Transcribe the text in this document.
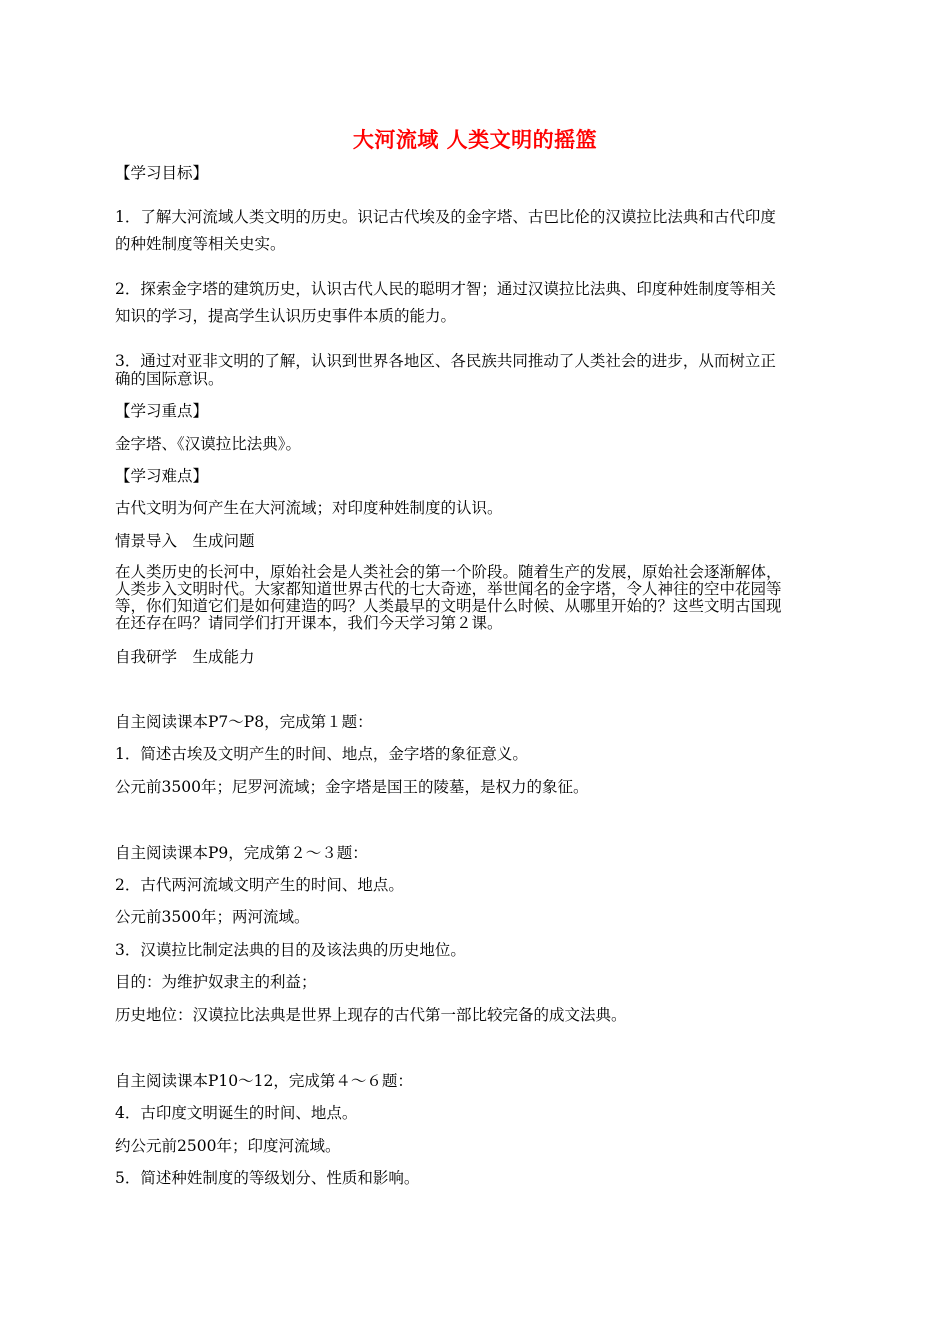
大河流域 人类文明的摇篮
【学习目标】
1．了解大河流域人类文明的历史。识记古代埃及的金字塔、古巴比伦的汉谟拉比法典和古代印度
的种姓制度等相关史实。
2．探索金字塔的建筑历史，认识古代人民的聪明才智；通过汉谟拉比法典、印度种姓制度等相关
知识的学习，提高学生认识历史事件本质的能力。
3．通过对亚非文明的了解，认识到世界各地区、各民族共同推动了人类社会的进步，从而树立正
确的国际意识。
【学习重点】
金字塔、《汉谟拉比法典》。
【学习难点】
古代文明为何产生在大河流域；对印度种姓制度的认识。
情景导入　生成问题
在人类历史的长河中，原始社会是人类社会的第一个阶段。随着生产的发展，原始社会逐渐解体，
人类步入文明时代。大家都知道世界古代的七大奇迹，举世闻名的金字塔，令人神往的空中花园等
等，你们知道它们是如何建造的吗？人类最早的文明是什么时候、从哪里开始的？这些文明古国现
在还存在吗？请同学们打开课本，我们今天学习第２课。
自我研学　生成能力
自主阅读课本P7～P8，完成第１题：
1．简述古埃及文明产生的时间、地点，金字塔的象征意义。
公元前3500年；尼罗河流域；金字塔是国王的陵墓，是权力的象征。
自主阅读课本P9，完成第２～３题：
2．古代两河流域文明产生的时间、地点。
公元前3500年；两河流域。
3．汉谟拉比制定法典的目的及该法典的历史地位。
目的：为维护奴隶主的利益；
历史地位：汉谟拉比法典是世界上现存的古代第一部比较完备的成文法典。
自主阅读课本P10～12，完成第４～６题：
4．古印度文明诞生的时间、地点。
约公元前2500年；印度河流域。
5．简述种姓制度的等级划分、性质和影响。
